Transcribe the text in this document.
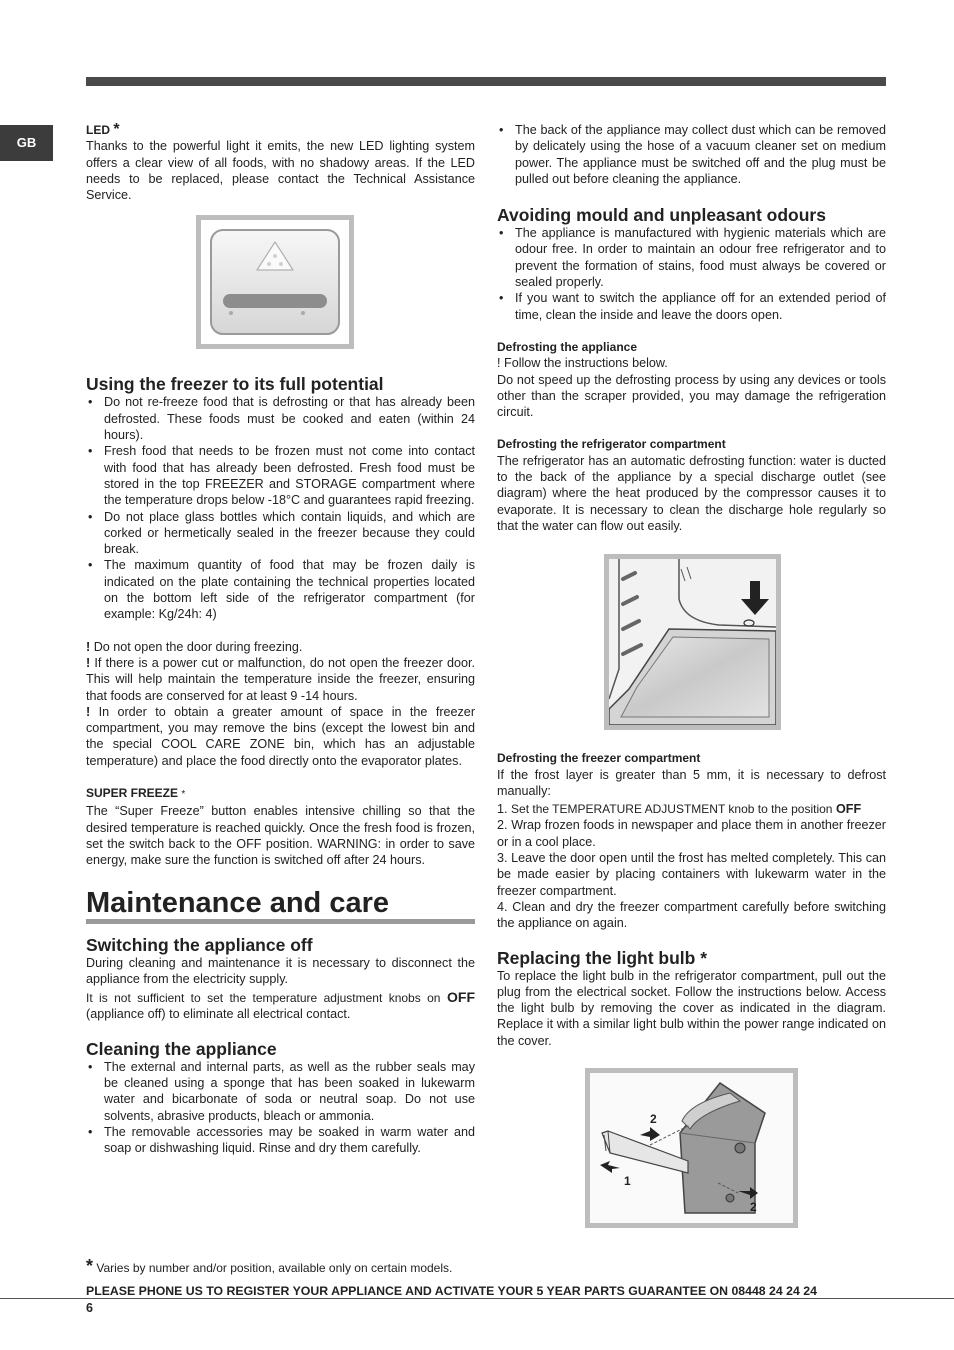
GB
LED *

Thanks to the powerful light it emits, the new LED lighting system offers a clear view of all foods, with no shadowy areas. If the LED needs to be replaced, please contact the Technical Assistance Service.

Using the freezer to its full potential
• Do not re-freeze food that is defrosting or that has already been defrosted. These foods must be cooked and eaten (within 24 hours).
• Fresh food that needs to be frozen must not come into contact with food that has already been defrosted. Fresh food must be stored in the top FREEZER and STORAGE compartment where the temperature drops below -18°C and guarantees rapid freezing.
• Do not place glass bottles which contain liquids, and which are corked or hermetically sealed in the freezer because they could break.
• The maximum quantity of food that may be frozen daily is indicated on the plate containing the technical properties located on the bottom left side of the refrigerator compartment (for example: Kg/24h: 4)

! Do not open the door during freezing.

! If there is a power cut or malfunction, do not open the freezer door. This will help maintain the temperature inside the freezer, ensuring that foods are conserved for at least 9 -14 hours.

! In order to obtain a greater amount of space in the freezer compartment, you may remove the bins (except the lowest bin and the special COOL CARE ZONE bin, which has an adjustable temperature) and place the food directly onto the evaporator plates.

SUPER FREEZE *

The “Super Freeze” button enables intensive chilling so that the desired temperature is reached quickly. Once the fresh food is frozen, set the switch back to the OFF position. WARNING: in order to save energy, make sure the function is switched off after 24 hours.

Maintenance and care
Switching the appliance off

During cleaning and maintenance it is necessary to disconnect the appliance from the electricity supply.

It is not sufficient to set the temperature adjustment knobs on OFF (appliance off) to eliminate all electrical contact.

Cleaning the appliance
• The external and internal parts, as well as the rubber seals may be cleaned using a sponge that has been soaked in lukewarm water and bicarbonate of soda or neutral soap. Do not use solvents, abrasive products, bleach or ammonia.
• The removable accessories may be soaked in warm water and soap or dishwashing liquid. Rinse and dry them carefully.
• The back of the appliance may collect dust which can be removed by delicately using the hose of a vacuum cleaner set on medium power. The appliance must be switched off and the plug must be pulled out before cleaning the appliance.
Avoiding mould and unpleasant odours
• The appliance is manufactured with hygienic materials which are odour free. In order to maintain an odour free refrigerator and to prevent the formation of stains, food must always be covered or sealed properly.
• If you want to switch the appliance off for an extended period of time, clean the inside and leave the doors open.
Defrosting the appliance

! Follow the instructions below.

Do not speed up the defrosting process by using any devices or tools other than the scraper provided, you may damage the refrigeration circuit.

Defrosting the refrigerator compartment

The refrigerator has an automatic defrosting function: water is ducted to the back of the appliance by a special discharge outlet (see diagram) where the heat produced by the compressor causes it to evaporate. It is necessary to clean the discharge hole regularly so that the water can flow out easily.

Defrosting the freezer compartment

If the frost layer is greater than 5 mm, it is necessary to defrost manually:

1. Set the TEMPERATURE ADJUSTMENT knob to the position OFF

2. Wrap frozen foods in newspaper and place them in another freezer or in a cool place.

3. Leave the door open until the frost has melted completely. This can be made easier by placing containers with lukewarm water in the freezer compartment.

4. Clean and dry the freezer compartment carefully before switching the appliance on again.

Replacing the light bulb *

To replace the light bulb in the refrigerator compartment, pull out the plug from the electrical socket. Follow the instructions below. Access the light bulb by removing the cover as indicated in the diagram. Replace it with a similar light bulb within the power range indicated on the cover.

2
1
2
* Varies by number and/or position, available only on certain models.
PLEASE PHONE US TO REGISTER YOUR APPLIANCE AND ACTIVATE YOUR 5 YEAR PARTS GUARANTEE ON 08448 24 24 24
6
